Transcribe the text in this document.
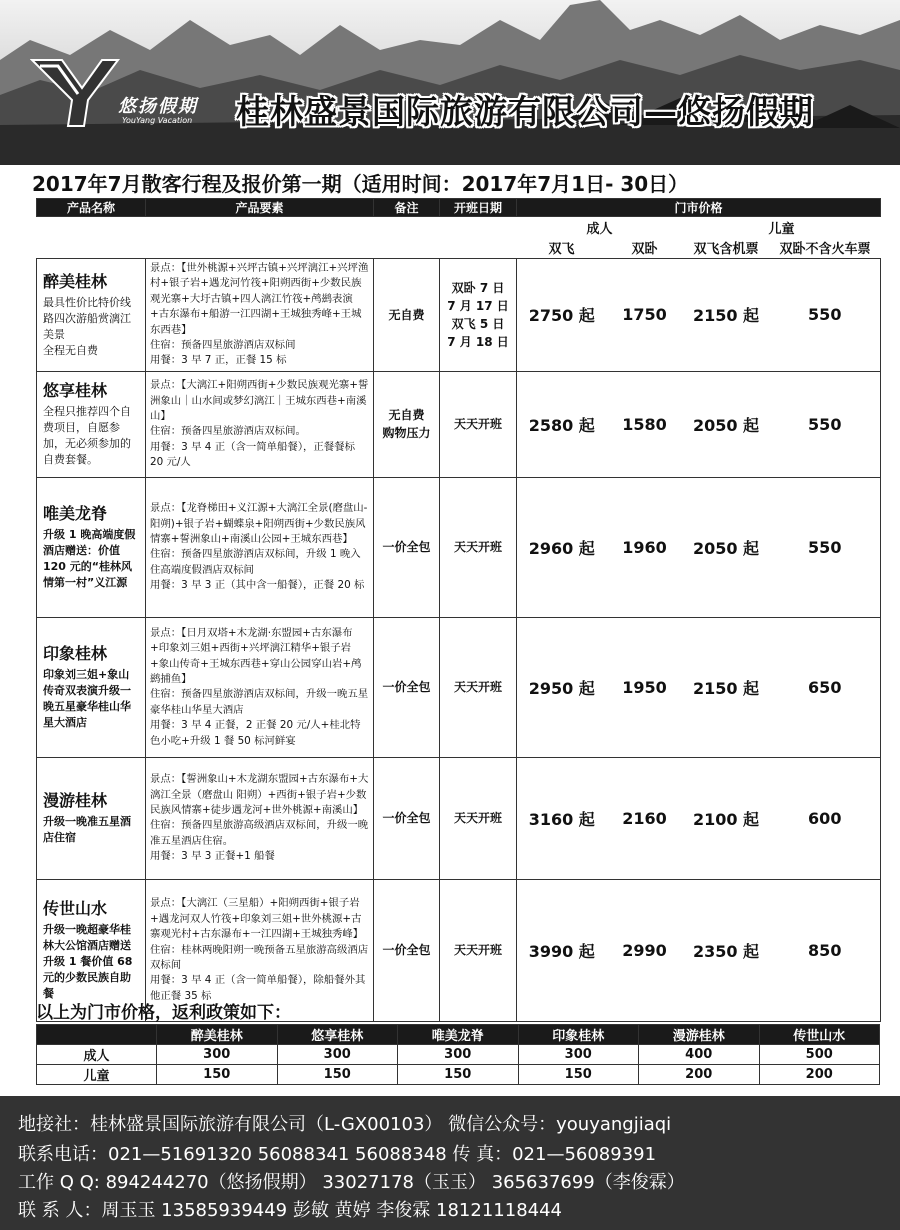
悠扬假期
YouYang Vacation 桂林盛景国际旅游有限公司—悠扬假期
2017年7月散客行程及报价第一期（适用时间：2017年7月1日- 30日）
产品名称	产品要素	备注	开班日期	门市价格			
				成人		儿童	
				双飞	双卧	双飞含机票	双卧不含火车票

醉美桂林
最具性价比特价线路四次游船赏漓江美景
全程无自费	景点：【世外桃源+兴坪古镇+兴坪漓江+兴坪渔村+银子岩+遇龙河竹筏+阳朔西街+少数民族观光寨+大圩古镇+四人漓江竹筏+鸬鹚表演+古东瀑布+船游一江四湖+王城独秀峰+王城东西巷】
住宿：预备四星旅游酒店双标间
用餐：3 早 7 正，正餐 15 标	无自费	双卧 7 日
7 月 17 日
双飞 5 日
7 月 18 日	2750 起	1750	2150 起	550

悠享桂林
全程只推荐四个自费项目，自愿参加，无必须参加的自费套餐。	景点：【大漓江+阳朔西街+少数民族观光寨+誓洲象山｜山水间或梦幻漓江｜王城东西巷+南溪山】
住宿：预备四星旅游酒店双标间。
用餐：3 早 4 正（含一简单船餐），正餐餐标 20 元/人	无自费
购物压力	天天开班	2580 起	1580	2050 起	550

唯美龙脊
升级 1 晚高端度假酒店赠送：价值 120 元的“桂林风情第一村”义江源	景点：【龙脊梯田+义江源+大漓江全景(磨盘山-阳朔)+银子岩+蝴蝶泉+阳朔西街+少数民族风情寨+誓洲象山+南溪山公园+王城东西巷】
住宿：预备四星旅游酒店双标间，升级 1 晚入住高端度假酒店双标间
用餐：3 早 3 正（其中含一船餐），正餐 20 标	一价全包	天天开班	2960 起	1960	2050 起	550

印象桂林
印象刘三姐+象山传奇双表演升级一晚五星豪华桂山华星大酒店	景点：【日月双塔+木龙湖·东盟园+古东瀑布+印象刘三姐+西街+兴坪漓江精华+银子岩+象山传奇+王城东西巷+穿山公园穿山岩+鸬鹚捕鱼】
住宿：预备四星旅游酒店双标间，升级一晚五星豪华桂山华星大酒店
用餐：3 早 4 正餐，2 正餐 20 元/人+桂北特色小吃+升级 1 餐 50 标河鲜宴	一价全包	天天开班	2950 起	1950	2150 起	650

漫游桂林
升级一晚准五星酒店住宿	景点：【誓洲象山+木龙湖东盟园+古东瀑布+大漓江全景（磨盘山 阳朔）+西街+银子岩+少数民族风情寨+徒步遇龙河+世外桃源+南溪山】
住宿：预备四星旅游高级酒店双标间，升级一晚准五星酒店住宿。
用餐：3 早 3 正餐+1 船餐	一价全包	天天开班	3160 起	2160	2100 起	600

传世山水
升级一晚超豪华桂林大公馆酒店赠送升级 1 餐价值 68 元的少数民族自助餐	景点：【大漓江（三星船）+阳朔西街+银子岩+遇龙河双人竹筏+印象刘三姐+世外桃源+古寨观光村+古东瀑布+一江四湖+王城独秀峰】
住宿：桂林两晚阳朔一晚预备五星旅游高级酒店双标间
用餐：3 早 4 正（含一简单船餐），除船餐外其他正餐 35 标	一价全包	天天开班	3990 起	2990	2350 起	850
以上为门市价格，返利政策如下：
	醉美桂林	悠享桂林	唯美龙脊	印象桂林	漫游桂林	传世山水
成人	300	300	300	300	400	500
儿童	150	150	150	150	200	200
地接社：桂林盛景国际旅游有限公司（L-GX00103） 微信公众号：youyangjiaqi
联系电话：021—51691320 56088341 56088348 传 真：021—56089391
工作 Q Q: 894244270（悠扬假期） 33027178（玉玉） 365637699（李俊霖）
联 系 人：周玉玉 13585939449 彭敏 黄婷 李俊霖 18121118444
